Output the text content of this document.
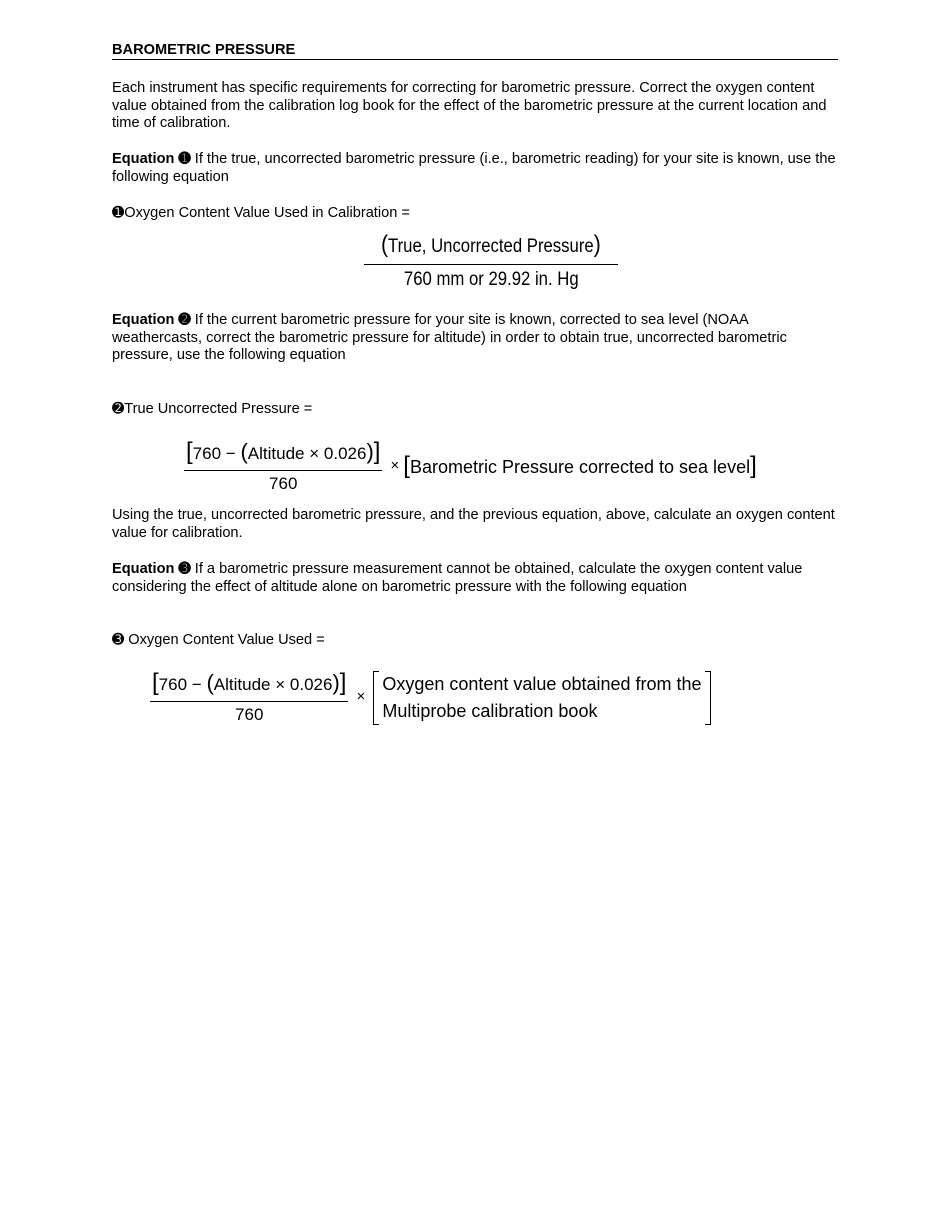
BAROMETRIC PRESSURE

Each instrument has specific requirements for correcting for barometric pressure. Correct the oxygen content value obtained from the calibration log book for the effect of the barometric pressure at the current location and time of calibration.

Equation ➊ If the true, uncorrected barometric pressure (i.e., barometric reading) for your site is known, use the following equation

➊Oxygen Content Value Used in Calibration =

$\frac{\text{(True, Uncorrected Pressure)}}{\text{760 mm or 29.92 in. Hg}}$

Equation ➋ If the current barometric pressure for your site is known, corrected to sea level (NOAA weathercasts, correct the barometric pressure for altitude) in order to obtain true, uncorrected barometric pressure, use the following equation

➋True Uncorrected Pressure =

$\frac{\text{[760 − (Altitude × 0.026)]}}{760}$ × [Barometric Pressure corrected to sea level]

Using the true, uncorrected barometric pressure, and the previous equation, above, calculate an oxygen content value for calibration.

Equation ➌ If a barometric pressure measurement cannot be obtained, calculate the oxygen content value considering the effect of altitude alone on barometric pressure with the following equation

➌ Oxygen Content Value Used =

$\frac{\text{[760 − (Altitude × 0.026)]}}{760}$ ×
Oxygen content value obtained from the
Multiprobe calibration book
